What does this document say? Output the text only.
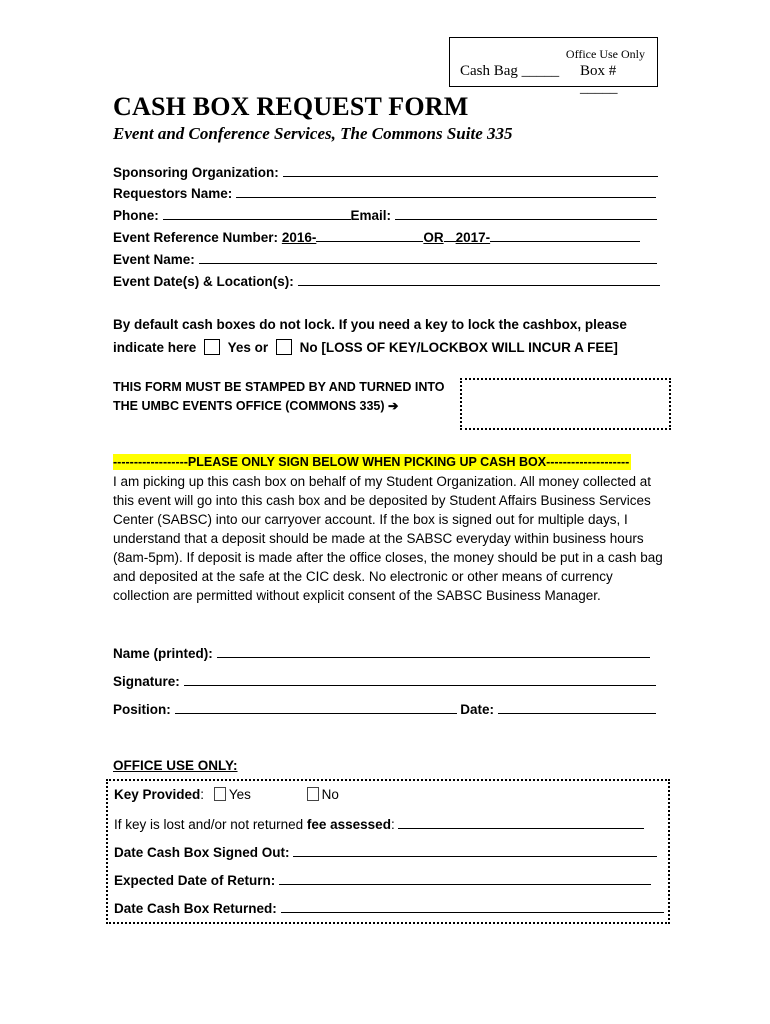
Office Use Only
Cash Bag _____ Box # _____
CASH BOX REQUEST FORM
Event and Conference Services, The Commons Suite 335
Sponsoring Organization:
Requestors Name:
Phone:	Email:
Event Reference Number: 2016-	OR 2017-
Event Name:
Event Date(s) & Location(s):
By default cash boxes do not lock. If you need a key to lock the cashbox, please
indicate here Yes or No [LOSS OF KEY/LOCKBOX WILL INCUR A FEE]
THIS FORM MUST BE STAMPED BY AND TURNED INTO
THE UMBC EVENTS OFFICE (COMMONS 335) ➔
------------------PLEASE ONLY SIGN BELOW WHEN PICKING UP CASH BOX--------------------
I am picking up this cash box on behalf of my Student Organization. All money collected at this event will go into this cash box and be deposited by Student Affairs Business Services Center (SABSC) into our carryover account. If the box is signed out for multiple days, I understand that a deposit should be made at the SABSC everyday within business hours (8am-5pm). If deposit is made after the office closes, the money should be put in a cash bag and deposited at the safe at the CIC desk. No electronic or other means of currency collection are permitted without explicit consent of the SABSC Business Manager.
Name (printed):
Signature:
Position:	Date:
OFFICE USE ONLY:
Key Provided: Yes	No
If key is lost and/or not returned fee assessed:
Date Cash Box Signed Out:
Expected Date of Return:
Date Cash Box Returned:
